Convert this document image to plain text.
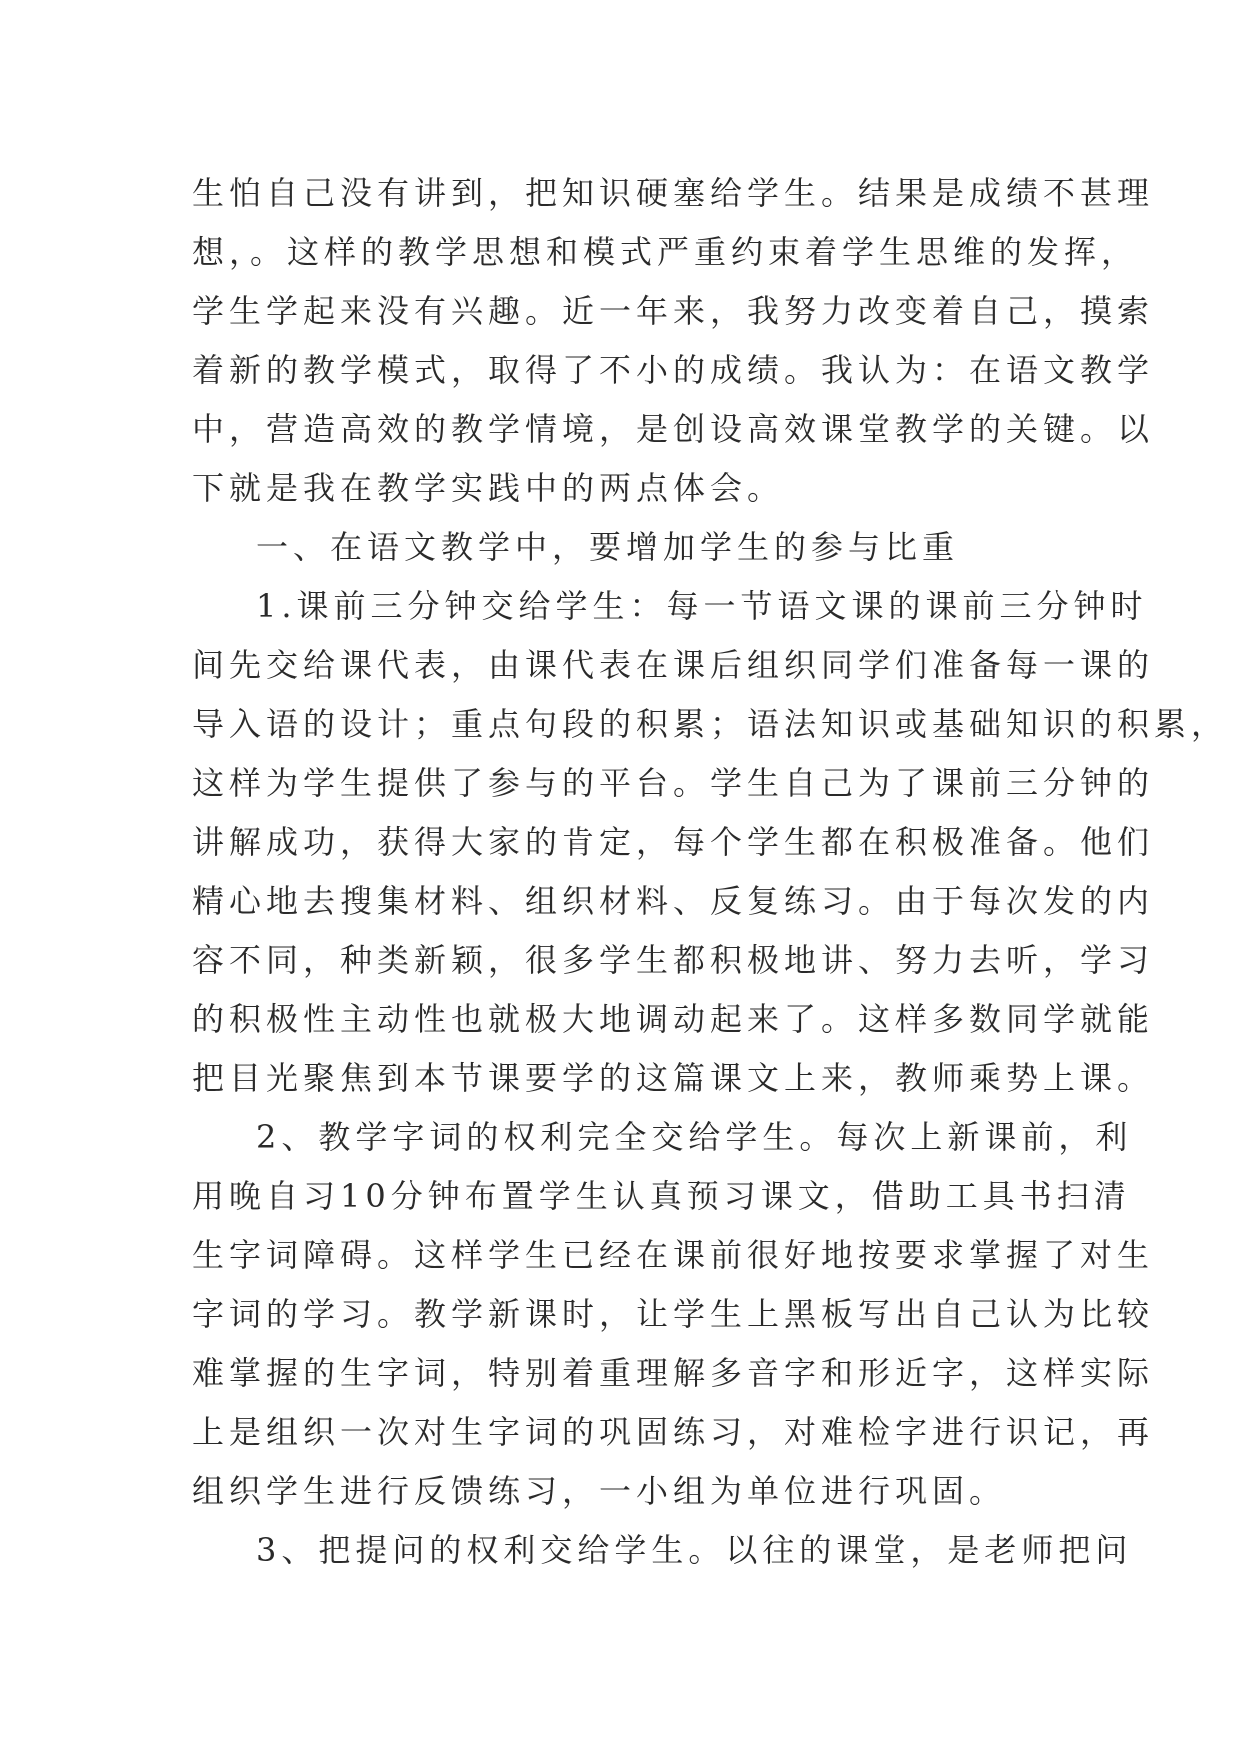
生怕自己没有讲到，把知识硬塞给学生。结果是成绩不甚理

想，。这样的教学思想和模式严重约束着学生思维的发挥，

学生学起来没有兴趣。近一年来，我努力改变着自己，摸索

着新的教学模式，取得了不小的成绩。我认为：在语文教学

中，营造高效的教学情境，是创设高效课堂教学的关键。以

下就是我在教学实践中的两点体会。

一、在语文教学中，要增加学生的参与比重

1.课前三分钟交给学生：每一节语文课的课前三分钟时

间先交给课代表，由课代表在课后组织同学们准备每一课的

导入语的设计；重点句段的积累；语法知识或基础知识的积累，

这样为学生提供了参与的平台。学生自己为了课前三分钟的

讲解成功，获得大家的肯定，每个学生都在积极准备。他们

精心地去搜集材料、组织材料、反复练习。由于每次发的内

容不同，种类新颖，很多学生都积极地讲、努力去听，学习

的积极性主动性也就极大地调动起来了。这样多数同学就能

把目光聚焦到本节课要学的这篇课文上来，教师乘势上课。

2、教学字词的权利完全交给学生。每次上新课前，利

用晚自习10分钟布置学生认真预习课文，借助工具书扫清

生字词障碍。这样学生已经在课前很好地按要求掌握了对生

字词的学习。教学新课时，让学生上黑板写出自己认为比较

难掌握的生字词，特别着重理解多音字和形近字，这样实际

上是组织一次对生字词的巩固练习，对难检字进行识记，再

组织学生进行反馈练习，一小组为单位进行巩固。

3、把提问的权利交给学生。以往的课堂，是老师把问
